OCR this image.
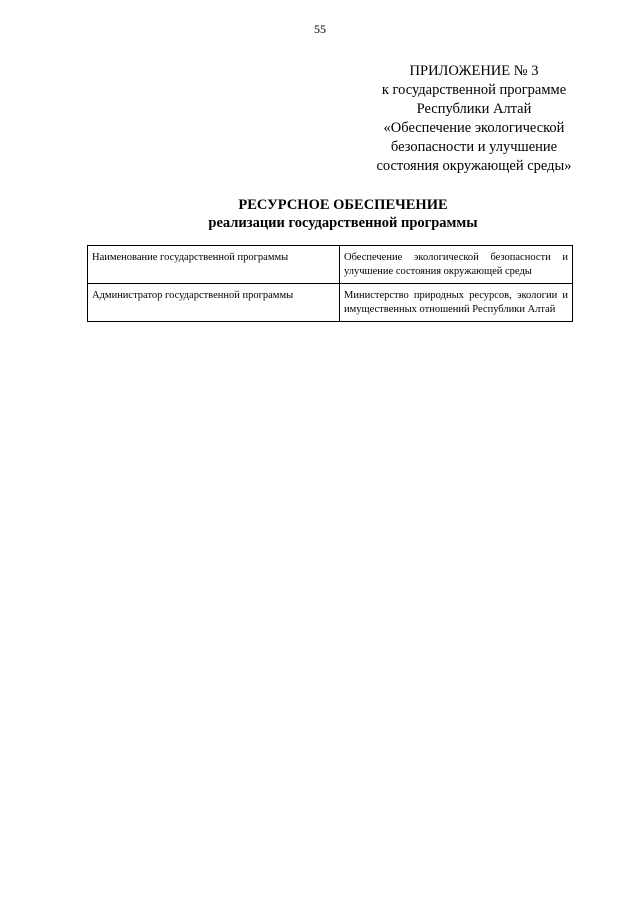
55
ПРИЛОЖЕНИЕ № 3
к государственной программе
Республики Алтай
«Обеспечение экологической
безопасности и улучшение
состояния окружающей среды»
РЕСУРСНОЕ ОБЕСПЕЧЕНИЕ
реализации государственной программы
Наименование государственной программы	Обеспечение экологической безопасности и улучшение состояния окружающей среды
Администратор государственной программы	Министерство природных ресурсов, экологии и имущественных отношений Республики Алтай
